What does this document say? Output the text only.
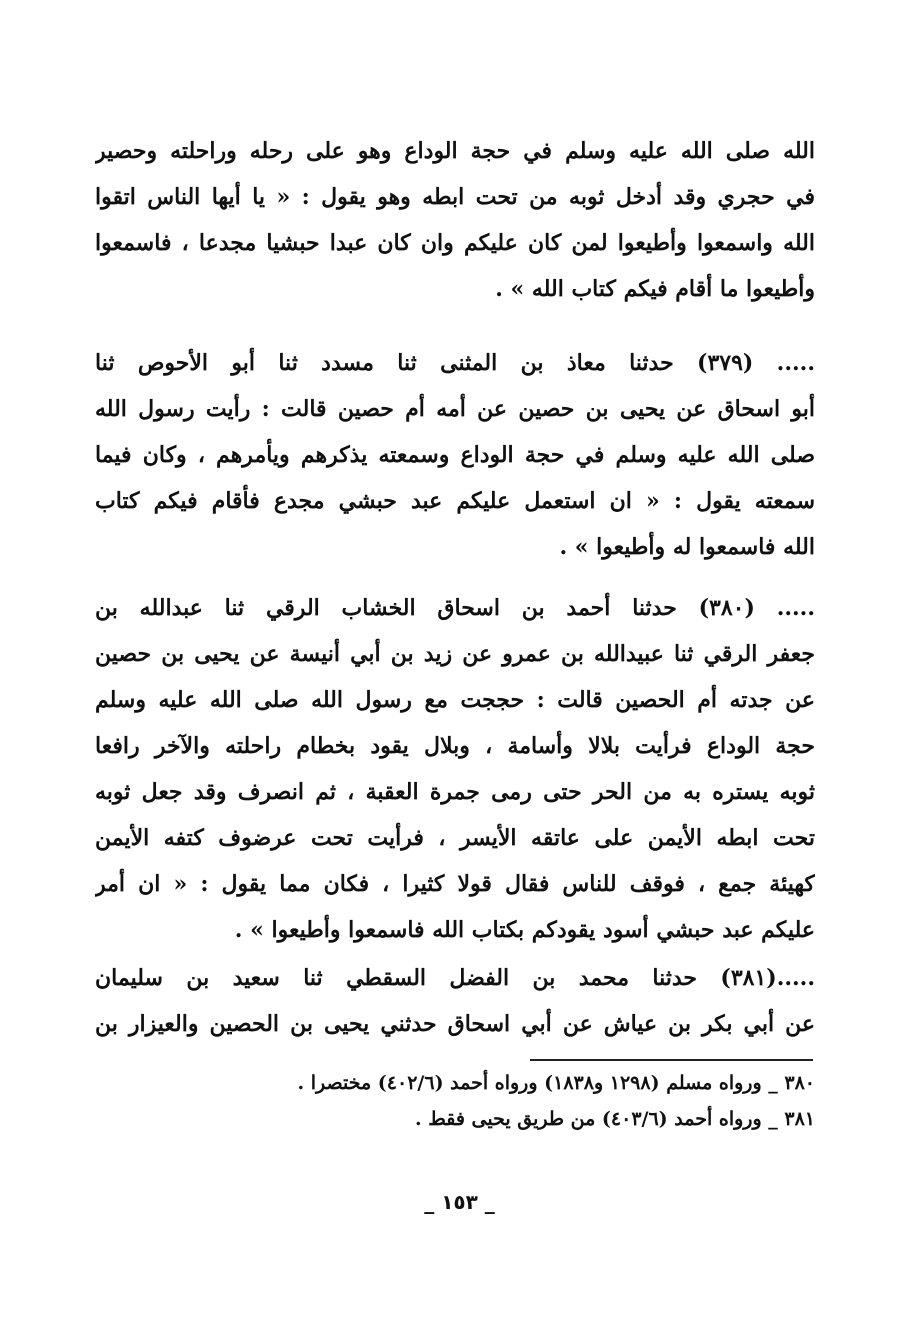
الله صلى الله عليه وسلم في حجة الوداع وهو على رحله وراحلته وحصير
في حجري وقد أدخل ثوبه من تحت ابطه وهو يقول : « يا أيها الناس اتقوا
الله واسمعوا وأطيعوا لمن كان عليكم وان كان عبدا حبشيا مجدعا ، فاسمعوا
وأطيعوا ما أقام فيكم كتاب الله » .
..... (٣٧٩) حدثنا معاذ بن المثنى ثنا مسدد ثنا أبو الأحوص ثنا
أبو اسحاق عن يحيى بن حصين عن أمه أم حصين قالت : رأيت رسول الله
صلى الله عليه وسلم في حجة الوداع وسمعته يذكرهم ويأمرهم ، وكان فيما
سمعته يقول : « ان استعمل عليكم عبد حبشي مجدع فأقام فيكم كتاب
الله فاسمعوا له وأطيعوا » .
..... (٣٨٠) حدثنا أحمد بن اسحاق الخشاب الرقي ثنا عبدالله بن
جعفر الرقي ثنا عبيدالله بن عمرو عن زيد بن أبي أنيسة عن يحيى بن حصين
عن جدته أم الحصين قالت : حججت مع رسول الله صلى الله عليه وسلم
حجة الوداع فرأيت بلالا وأسامة ، وبلال يقود بخطام راحلته والآخر رافعا
ثوبه يستره به من الحر حتى رمى جمرة العقبة ، ثم انصرف وقد جعل ثوبه
تحت ابطه الأيمن على عاتقه الأيسر ، فرأيت تحت عرضوف كتفه الأيمن
كهيئة جمع ، فوقف للناس فقال قولا كثيرا ، فكان مما يقول : « ان أمر
عليكم عبد حبشي أسود يقودكم بكتاب الله فاسمعوا وأطيعوا » .
.....(٣٨١) حدثنا محمد بن الفضل السقطي ثنا سعيد بن سليمان
عن أبي بكر بن عياش عن أبي اسحاق حدثني يحيى بن الحصين والعيزار بن
٣٨٠ _ ورواه مسلم (١٢٩٨ و١٨٣٨) ورواه أحمد (٤٠٢/٦) مختصرا .
٣٨١ _ ورواه أحمد (٤٠٣/٦) من طريق يحيى فقط .
_ ١٥٣ _
